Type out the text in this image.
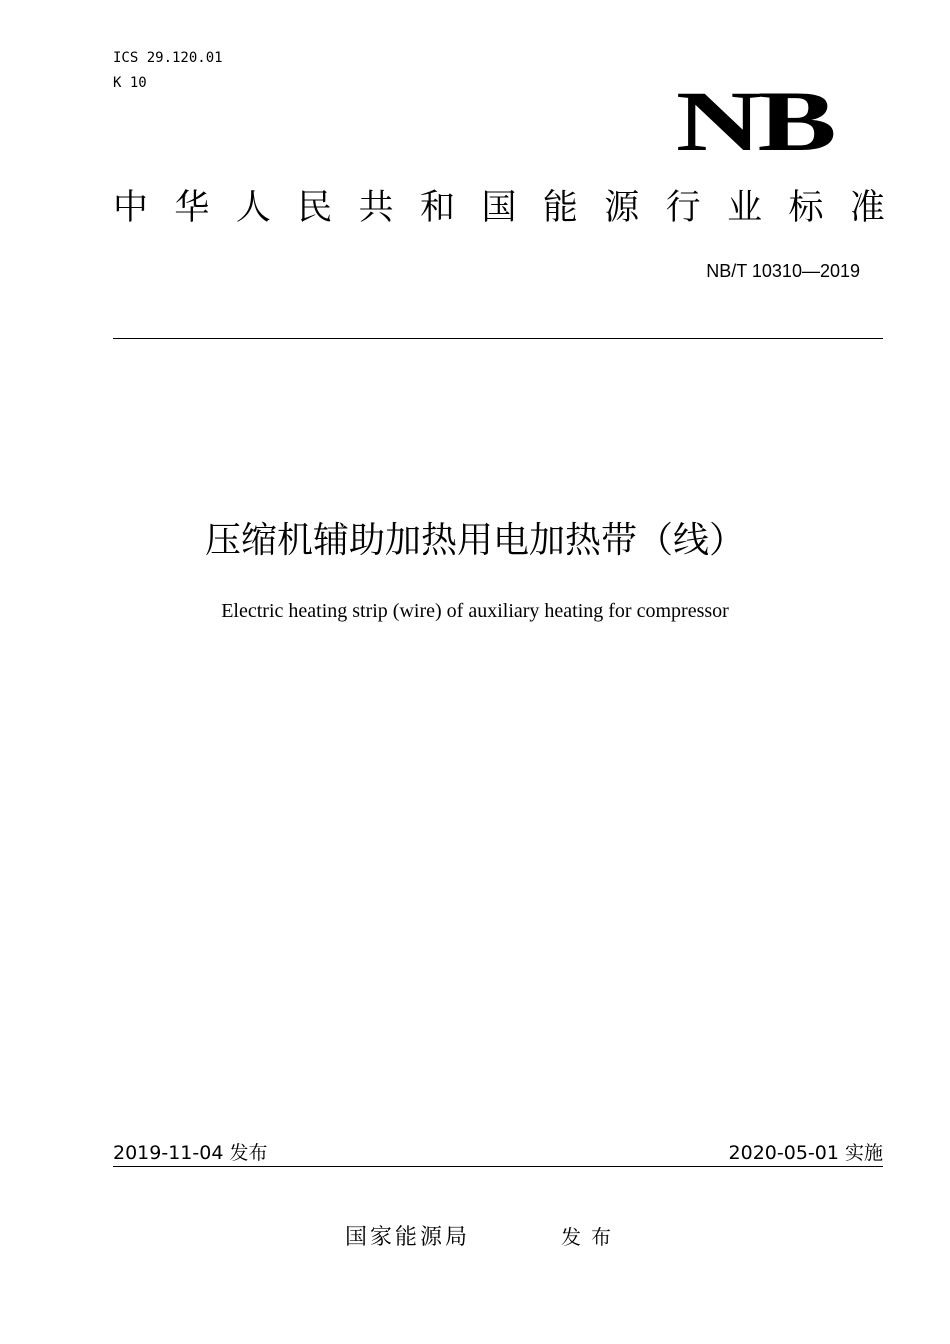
ICS 29.120.01
K 10	NB
中 华 人 民 共 和 国 能 源 行 业 标 准
NB/T 10310—2019
压缩机辅助加热用电加热带（线）
Electric heating strip (wire) of auxiliary heating for compressor
2019-11-04 发布	2020-05-01 实施
国家能源局	发布
